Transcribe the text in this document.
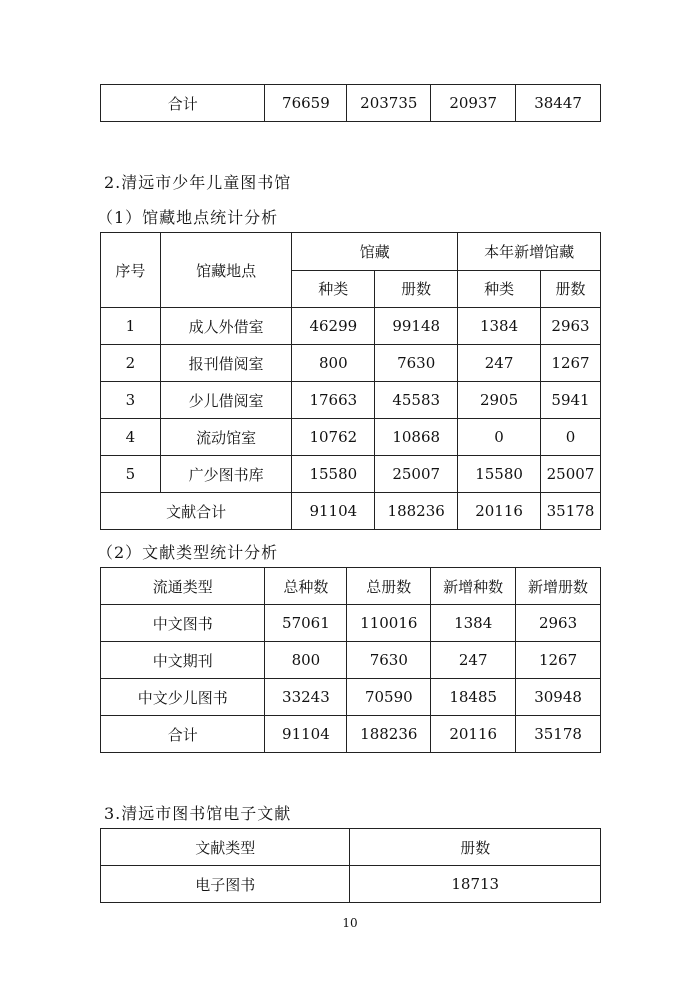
合计	76659	203735	20937	38447
2.清远市少年儿童图书馆
（1）馆藏地点统计分析
序号	馆藏地点	馆藏		本年新增馆藏	
		种类	册数	种类	册数
1	成人外借室	46299	99148	1384	2963
2	报刊借阅室	800	7630	247	1267
3	少儿借阅室	17663	45583	2905	5941
4	流动馆室	10762	10868	0	0
5	广少图书库	15580	25007	15580	25007
文献合计		91104	188236	20116	35178
（2）文献类型统计分析
流通类型	总种数	总册数	新增种数	新增册数
中文图书	57061	110016	1384	2963
中文期刊	800	7630	247	1267
中文少儿图书	33243	70590	18485	30948
合计	91104	188236	20116	35178
3.清远市图书馆电子文献
文献类型	册数
电子图书	18713
10
